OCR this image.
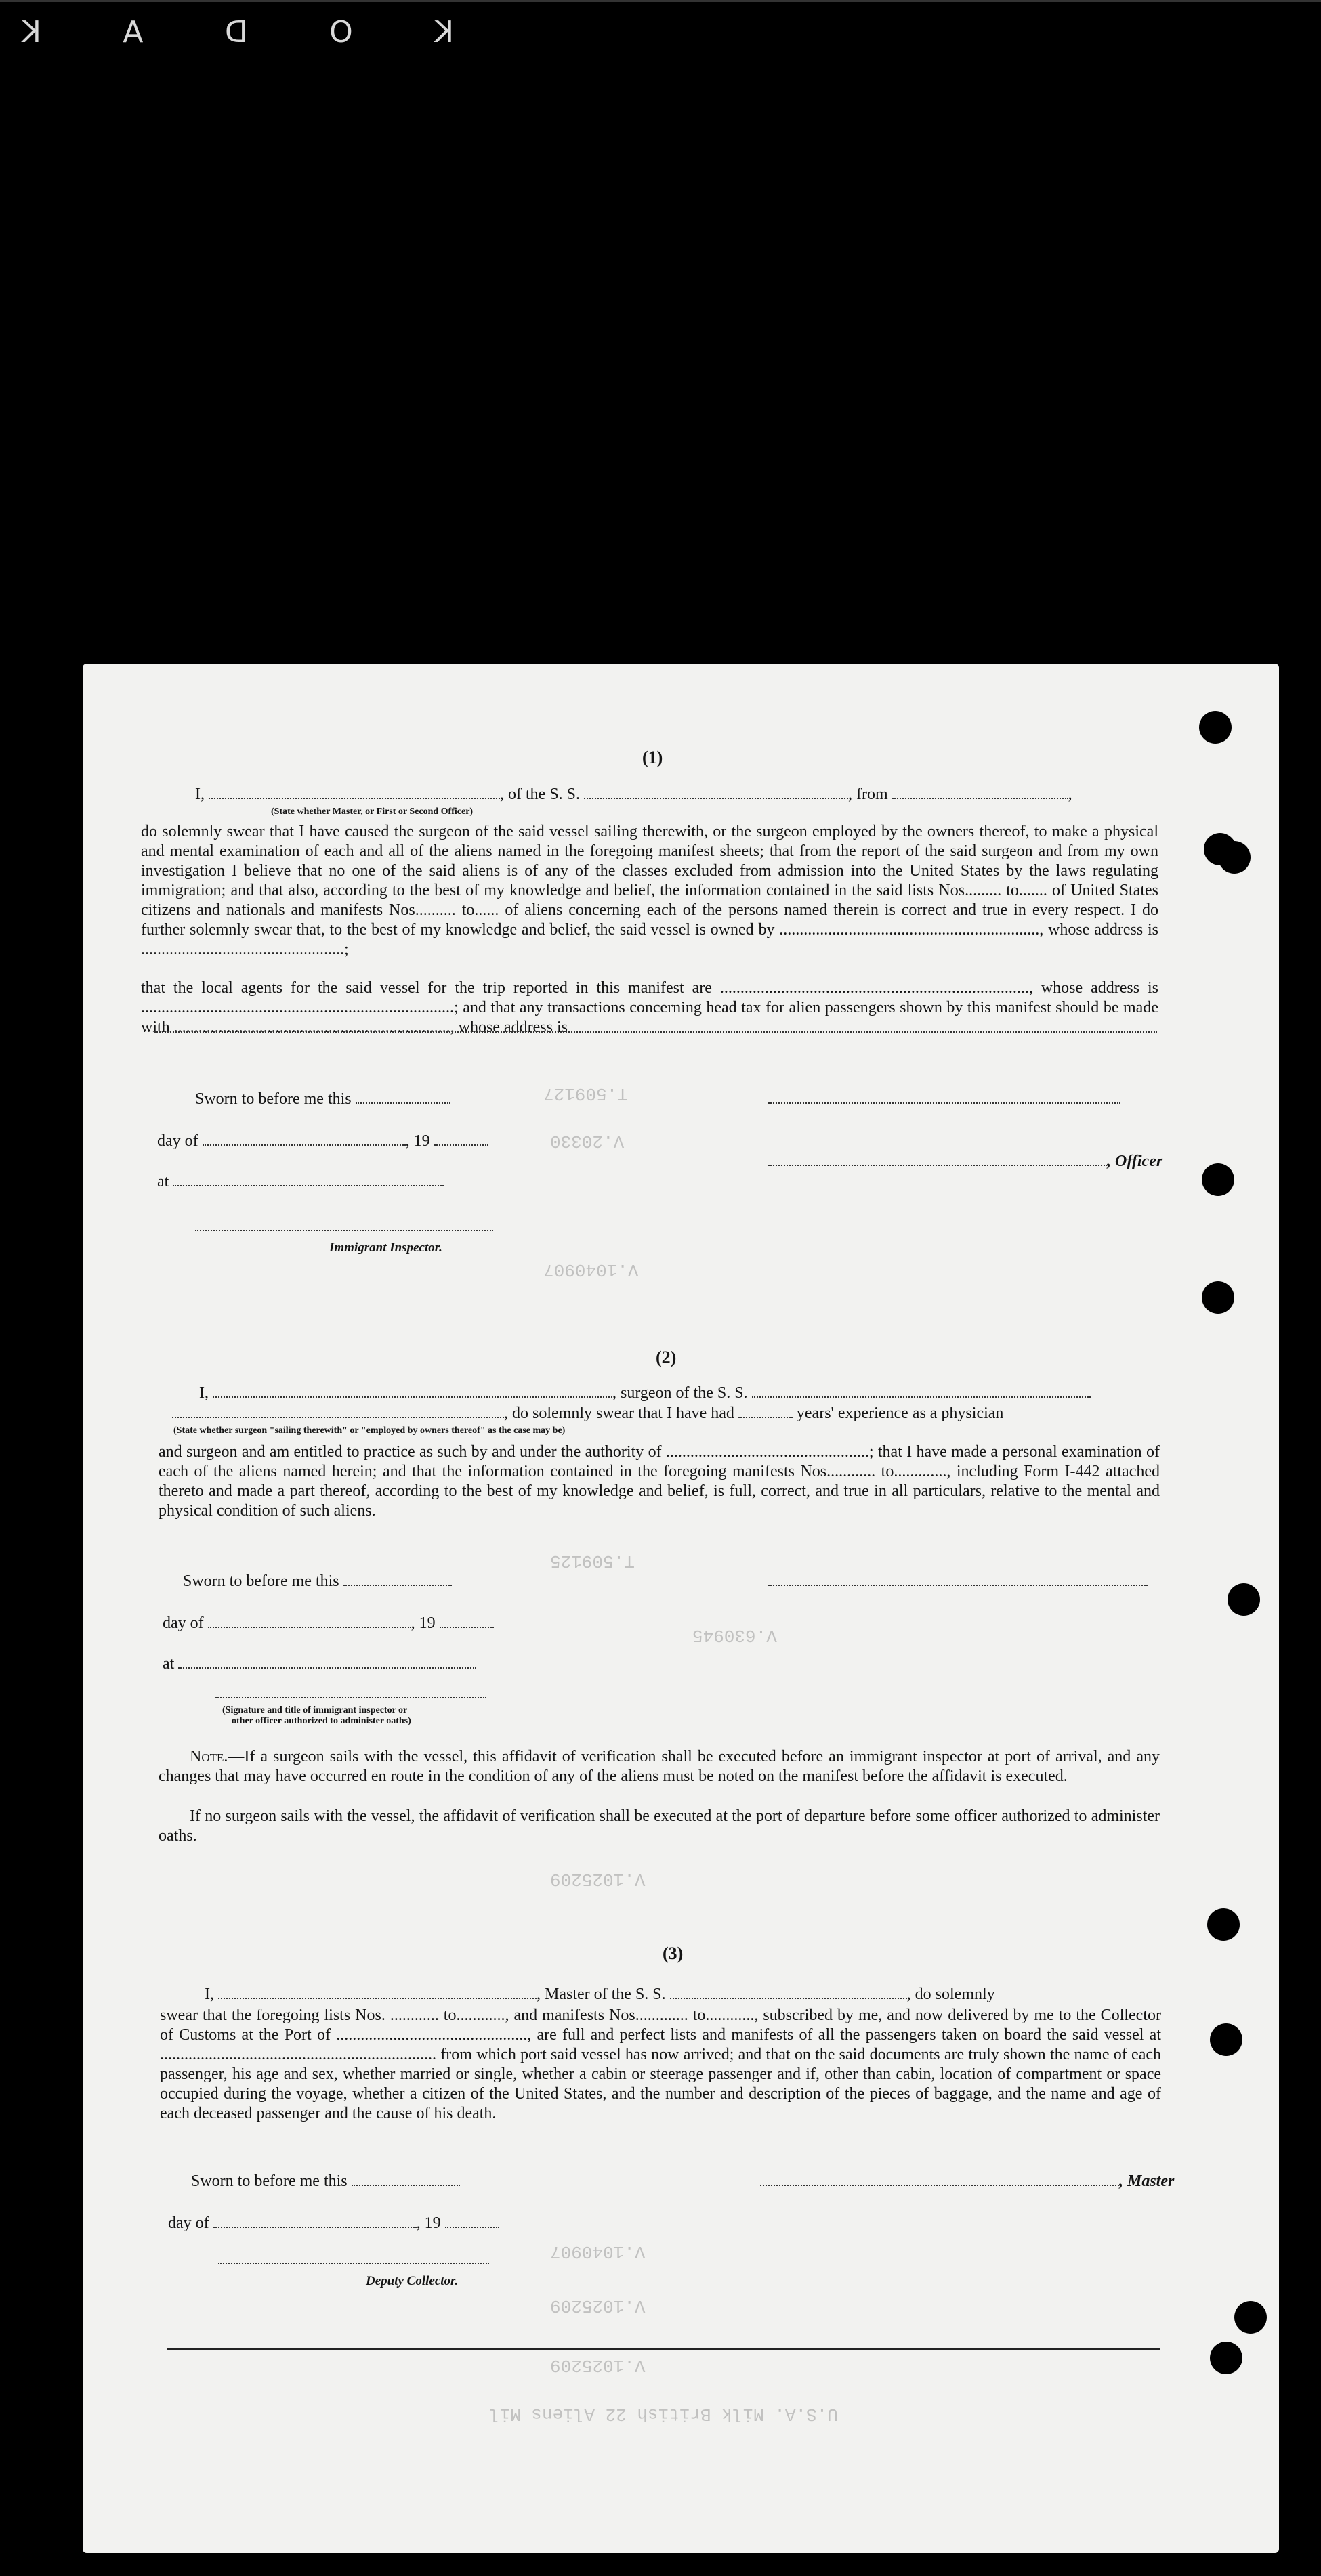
K
O
D
A
K
T.509127
V.20330
V.1040907
T.509125
V.630945
V.1025209
V.1040907
V.1025209
V.1025209
U.S.A. Milk British 22 Aliens Mil
(1)
I,	, of the S. S.	, from	,
(State whether Master, or First or Second Officer)
do solemnly swear that I have caused the surgeon of the said vessel sailing therewith, or the surgeon employed by the owners thereof, to make a physical and mental examination of each and all of the aliens named in the foregoing manifest sheets; that from the report of the said surgeon and from my own investigation I believe that no one of the said aliens is of any of the classes excluded from admission into the United States by the laws regulating immigration; and that also, according to the best of my knowledge and belief, the information contained in the said lists Nos......... to....... of United States citizens and nationals and manifests Nos.......... to...... of aliens concerning each of the persons named therein is correct and true in every respect. I do further solemnly swear that, to the best of my knowledge and belief, the said vessel is owned by ................................................................, whose address is ..................................................;
that the local agents for the said vessel for the trip reported in this manifest are ............................................................................, whose address is .............................................................................; and that any transactions concerning head tax for alien passengers shown by this manifest should be made with ...................................................................., whose address is
Sworn to before me this
day of	, 19
, Officer
at
Immigrant Inspector.
(2)
I,	, surgeon of the S. S.
, do solemnly swear that I have had	years' experience as a physician
(State whether surgeon "sailing therewith" or "employed by owners thereof" as the case may be)
and surgeon and am entitled to practice as such by and under the authority of ..................................................; that I have made a personal examination of each of the aliens named herein; and that the information contained in the foregoing manifests Nos............ to............., including Form I-442 attached thereto and made a part thereof, according to the best of my knowledge and belief, is full, correct, and true in all particulars, relative to the mental and physical condition of such aliens.
Sworn to before me this
day of	, 19
at
(Signature and title of immigrant inspector or
other officer authorized to administer oaths)
Note.—If a surgeon sails with the vessel, this affidavit of verification shall be executed before an immigrant inspector at port of arrival, and any changes that may have occurred en route in the condition of any of the aliens must be noted on the manifest before the affidavit is executed.
If no surgeon sails with the vessel, the affidavit of verification shall be executed at the port of departure before some officer authorized to administer oaths.
(3)
I,	, Master of the S. S.	, do solemnly
swear that the foregoing lists Nos. ............ to............, and manifests Nos............. to............, subscribed by me, and now delivered by me to the Collector of Customs at the Port of ..............................................., are full and perfect lists and manifests of all the passengers taken on board the said vessel at .................................................................... from which port said vessel has now arrived; and that on the said documents are truly shown the name of each passenger, his age and sex, whether married or single, whether a cabin or steerage passenger and if, other than cabin, location of compartment or space occupied during the voyage, whether a citizen of the United States, and the number and description of the pieces of baggage, and the name and age of each deceased passenger and the cause of his death.
Sworn to before me this	, Master
day of	, 19
Deputy Collector.
